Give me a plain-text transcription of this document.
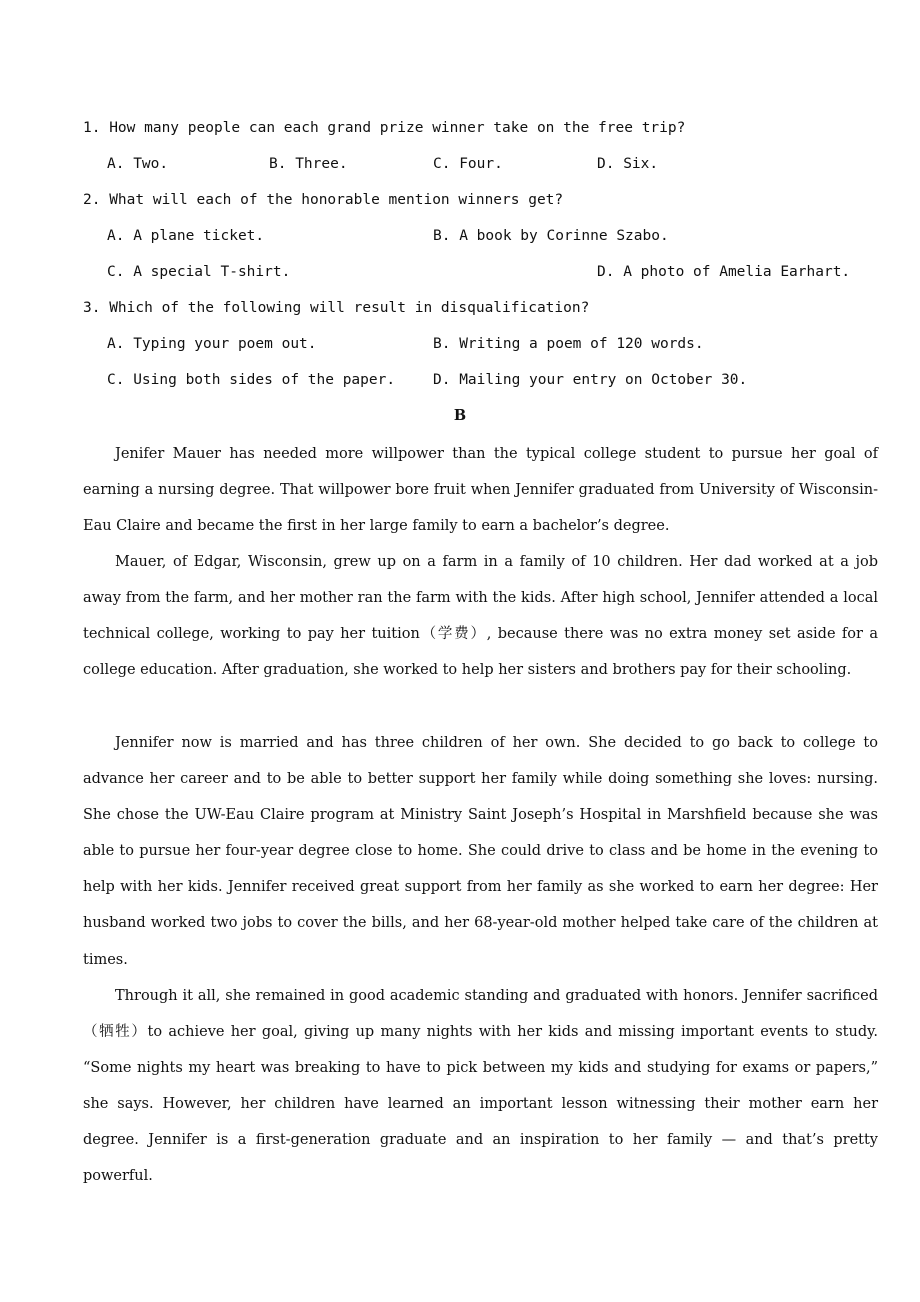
1. How many people can each grand prize winner take on the free trip?
A. Two.	B. Three.	C. Four.	D. Six.
2. What will each of the honorable mention winners get?
A. A plane ticket.	B. A book by Corinne Szabo.
C. A special T-shirt.	D. A photo of Amelia Earhart.
3. Which of the following will result in disqualification?
A. Typing your poem out.	B. Writing a poem of 120 words.
C. Using both sides of the paper.	D. Mailing your entry on October 30.
B

Jenifer Mauer has needed more willpower than the typical college student to pursue her goal of earning a nursing degree. That willpower bore fruit when Jennifer graduated from University of Wisconsin-Eau Claire and became the first in her large family to earn a bachelor’s degree.

Mauer, of Edgar, Wisconsin, grew up on a farm in a family of 10 children. Her dad worked at a job away from the farm, and her mother ran the farm with the kids. After high school, Jennifer attended a local technical college, working to pay her tuition（学费）, because there was no extra money set aside for a college education. After graduation, she worked to help her sisters and brothers pay for their schooling.

Jennifer now is married and has three children of her own. She decided to go back to college to advance her career and to be able to better support her family while doing something she loves: nursing. She chose the UW-Eau Claire program at Ministry Saint Joseph’s Hospital in Marshfield because she was able to pursue her four-year degree close to home. She could drive to class and be home in the evening to help with her kids. Jennifer received great support from her family as she worked to earn her degree: Her husband worked two jobs to cover the bills, and her 68-year-old mother helped take care of the children at times.

Through it all, she remained in good academic standing and graduated with honors. Jennifer sacrificed（牺牲）to achieve her goal, giving up many nights with her kids and missing important events to study. “Some nights my heart was breaking to have to pick between my kids and studying for exams or papers,” she says. However, her children have learned an important lesson witnessing their mother earn her degree. Jennifer is a first-generation graduate and an inspiration to her family — and that’s pretty powerful.
